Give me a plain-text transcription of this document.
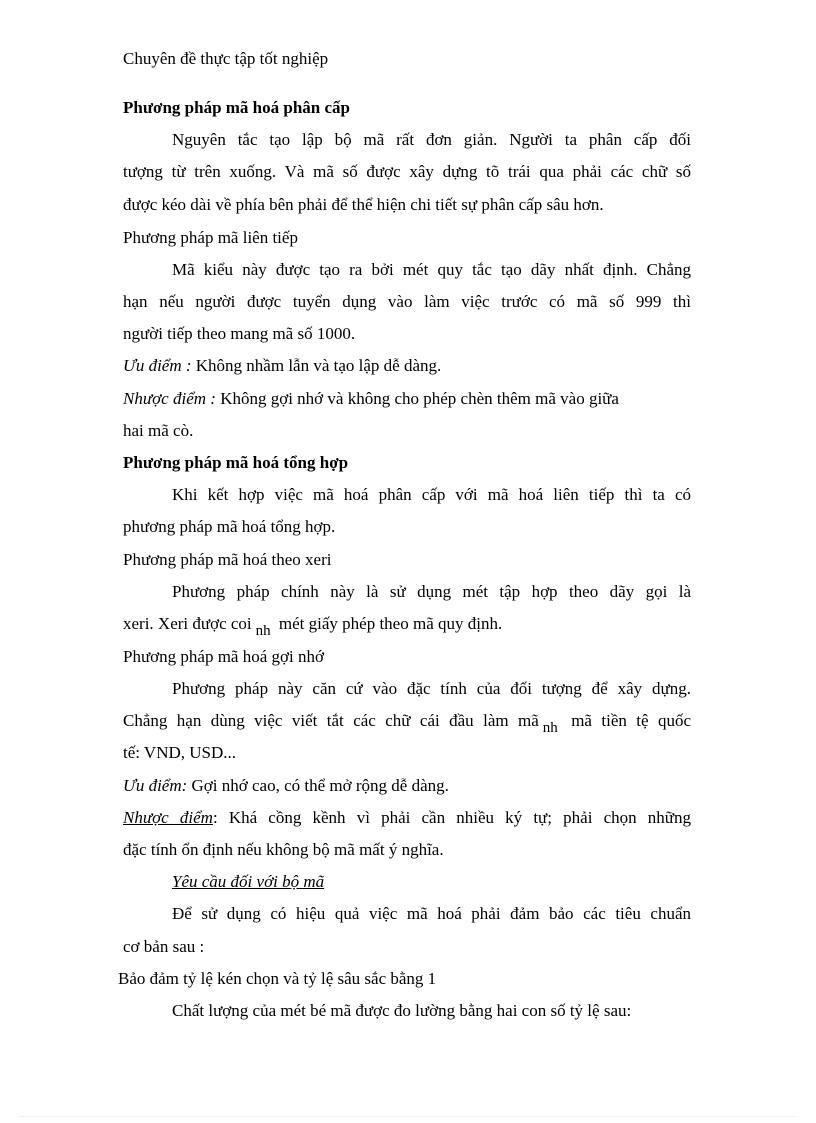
Chuyên đề thực tập tốt nghiệp
Phương pháp mã hoá phân cấp
Nguyên tắc tạo lập bộ mã rất đơn giản. Người ta phân cấp đối
tượng từ trên xuống. Và mã số được xây dựng tõ trái qua phải các chữ số
được kéo dài về phía bên phải để thể hiện chi tiết sự phân cấp sâu hơn.
Phương pháp mã liên tiếp
Mã kiểu này được tạo ra bởi mét quy tắc tạo dãy nhất định. Chẳng
hạn nếu người được tuyển dụng vào làm việc trước có mã số 999 thì
người tiếp theo mang mã số 1000.
Ưu điểm : Không nhầm lẫn và tạo lập dễ dàng.
Nhược điểm : Không gợi nhớ và không cho phép chèn thêm mã vào giữa
hai mã cò.
Phương pháp mã hoá tổng hợp
Khi kết hợp việc mã hoá phân cấp với mã hoá liên tiếp thì ta có
phương pháp mã hoá tổng hợp.
Phương pháp mã hoá theo xeri
Phương pháp chính này là sử dụng mét tập hợp theo dãy gọi là
xeri. Xeri được coi nh mét giấy phép theo mã quy định.
Phương pháp mã hoá gợi nhớ
Phương pháp này căn cứ vào đặc tính của đối tượng để xây dựng.
Chẳng hạn dùng việc viết tắt các chữ cái đầu làm mã nh mã tiền tệ quốc
tế: VND, USD...
Ưu điểm: Gợi nhớ cao, có thể mở rộng dễ dàng.
Nhược điểm: Khá cồng kềnh vì phải cần nhiều ký tự; phải chọn những
đặc tính ổn định nếu không bộ mã mất ý nghĩa.
Yêu cầu đối với bộ mã
Để sử dụng có hiệu quả việc mã hoá phải đảm bảo các tiêu chuẩn
cơ bản sau :
Bảo đảm tỷ lệ kén chọn và tỷ lệ sâu sắc bằng 1
Chất lượng của mét bé mã được đo lường bằng hai con số tỷ lệ sau:
